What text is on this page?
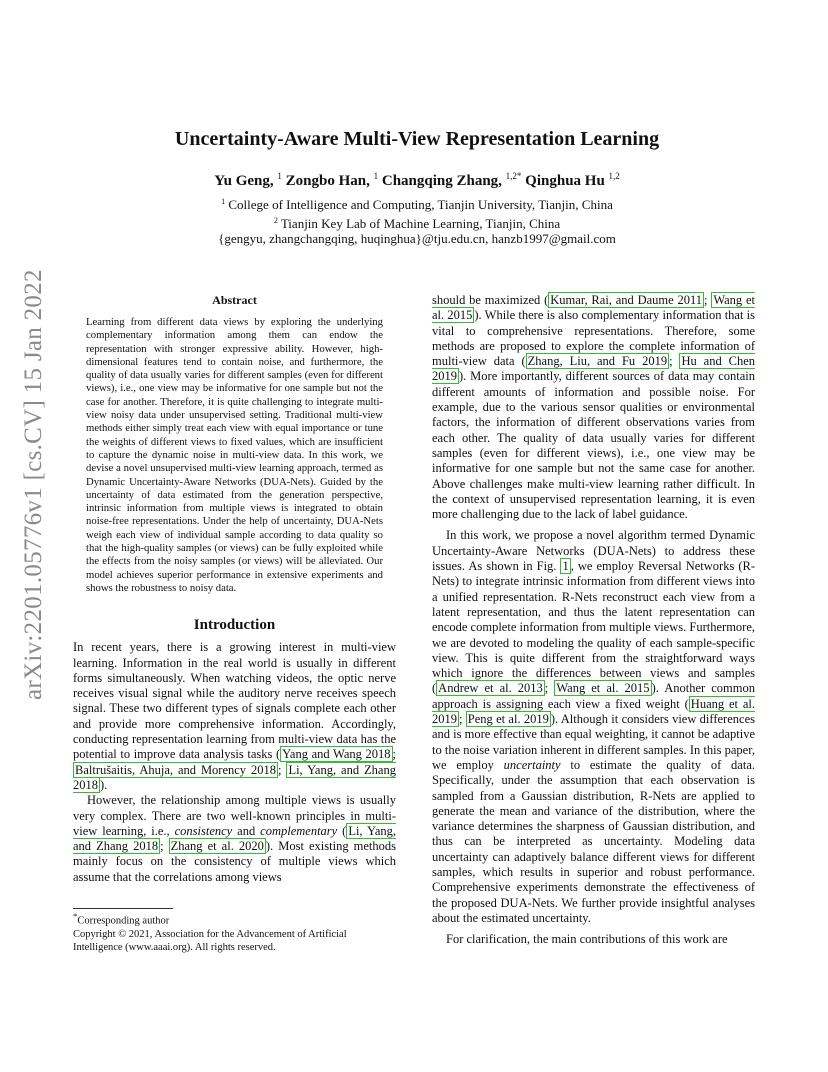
arXiv:2201.05776v1 [cs.CV] 15 Jan 2022
Uncertainty-Aware Multi-View Representation Learning
Yu Geng, $^1$ Zongbo Han, $^1$ Changqing Zhang, $^{1,2*}$ Qinghua Hu $^{1,2}$
$^1$ College of Intelligence and Computing, Tianjin University, Tianjin, China
$^2$ Tianjin Key Lab of Machine Learning, Tianjin, China
{gengyu, zhangchangqing, huqinghua}@tju.edu.cn, hanzb1997@gmail.com
Abstract

Learning from different data views by exploring the underlying complementary information among them can endow the representation with stronger expressive ability. However, high-dimensional features tend to contain noise, and furthermore, the quality of data usually varies for different samples (even for different views), i.e., one view may be informative for one sample but not the case for another. Therefore, it is quite challenging to integrate multi-view noisy data under unsupervised setting. Traditional multi-view methods either simply treat each view with equal importance or tune the weights of different views to fixed values, which are insufficient to capture the dynamic noise in multi-view data. In this work, we devise a novel unsupervised multi-view learning approach, termed as Dynamic Uncertainty-Aware Networks (DUA-Nets). Guided by the uncertainty of data estimated from the generation perspective, intrinsic information from multiple views is integrated to obtain noise-free representations. Under the help of uncertainty, DUA-Nets weigh each view of individual sample according to data quality so that the high-quality samples (or views) can be fully exploited while the effects from the noisy samples (or views) will be alleviated. Our model achieves superior performance in extensive experiments and shows the robustness to noisy data.

Introduction

In recent years, there is a growing interest in multi-view learning. Information in the real world is usually in different forms simultaneously. When watching videos, the optic nerve receives visual signal while the auditory nerve receives speech signal. These two different types of signals complete each other and provide more comprehensive information. Accordingly, conducting representation learning from multi-view data has the potential to improve data analysis tasks ( Yang and Wang 2018 ; Baltrušaitis, Ahuja, and Morency 2018 ; Li, Yang, and Zhang 2018 ).

However, the relationship among multiple views is usually very complex. There are two well-known principles in multi-view learning, i.e., consistency and complementary ( Li, Yang, and Zhang 2018 ; Zhang et al. 2020 ). Most existing methods mainly focus on the consistency of multiple views which assume that the correlations among views

*Corresponding author
Copyright © 2021, Association for the Advancement of Artificial Intelligence (www.aaai.org). All rights reserved.

should be maximized ( Kumar, Rai, and Daume 2011 ; Wang et al. 2015 ). While there is also complementary information that is vital to comprehensive representations. Therefore, some methods are proposed to explore the complete information of multi-view data ( Zhang, Liu, and Fu 2019 ; Hu and Chen 2019 ). More importantly, different sources of data may contain different amounts of information and possible noise. For example, due to the various sensor qualities or environmental factors, the information of different observations varies from each other. The quality of data usually varies for different samples (even for different views), i.e., one view may be informative for one sample but not the same case for another. Above challenges make multi-view learning rather difficult. In the context of unsupervised representation learning, it is even more challenging due to the lack of label guidance.

In this work, we propose a novel algorithm termed Dynamic Uncertainty-Aware Networks (DUA-Nets) to address these issues. As shown in Fig. 1 , we employ Reversal Networks (R-Nets) to integrate intrinsic information from different views into a unified representation. R-Nets reconstruct each view from a latent representation, and thus the latent representation can encode complete information from multiple views. Furthermore, we are devoted to modeling the quality of each sample-specific view. This is quite different from the straightforward ways which ignore the differences between views and samples ( Andrew et al. 2013 ; Wang et al. 2015 ). Another common approach is assigning each view a fixed weight ( Huang et al. 2019 ; Peng et al. 2019 ). Although it considers view differences and is more effective than equal weighting, it cannot be adaptive to the noise variation inherent in different samples. In this paper, we employ uncertainty to estimate the quality of data. Specifically, under the assumption that each observation is sampled from a Gaussian distribution, R-Nets are applied to generate the mean and variance of the distribution, where the variance determines the sharpness of Gaussian distribution, and thus can be interpreted as uncertainty. Modeling data uncertainty can adaptively balance different views for different samples, which results in superior and robust performance. Comprehensive experiments demonstrate the effectiveness of the proposed DUA-Nets. We further provide insightful analyses about the estimated uncertainty.

For clarification, the main contributions of this work are
